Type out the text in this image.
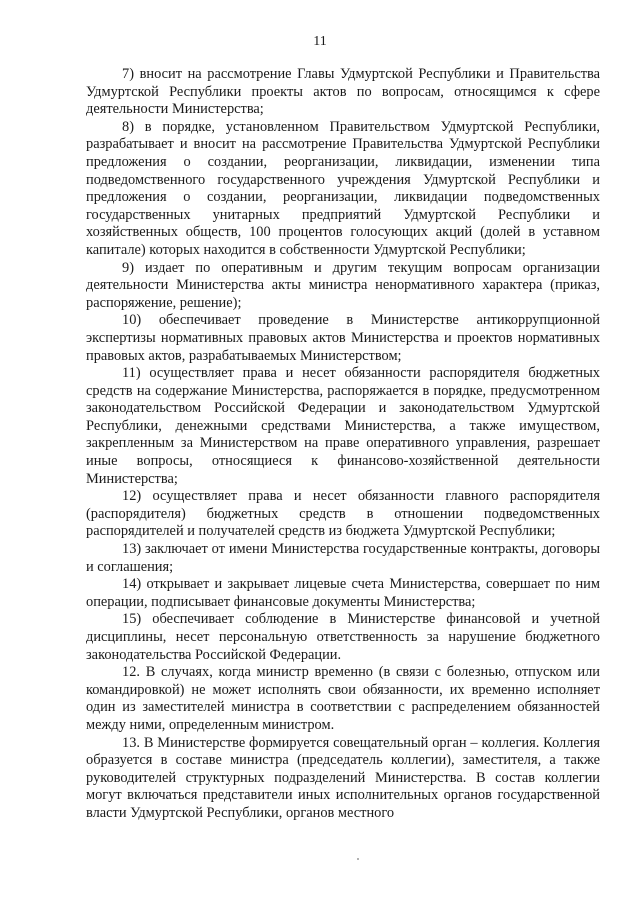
11

7) вносит на рассмотрение Главы Удмуртской Республики и Правительства Удмуртской Республики проекты актов по вопросам, относящимся к сфере деятельности Министерства;

8) в порядке, установленном Правительством Удмуртской Республики, разрабатывает и вносит на рассмотрение Правительства Удмуртской Республики предложения о создании, реорганизации, ликвидации, изменении типа подведомственного государственного учреждения Удмуртской Республики и предложения о создании, реорганизации, ликвидации подведомственных государственных унитарных предприятий Удмуртской Республики и хозяйственных обществ, 100 процентов голосующих акций (долей в уставном капитале) которых находится в собственности Удмуртской Республики;

9) издает по оперативным и другим текущим вопросам организации деятельности Министерства акты министра ненормативного характера (приказ, распоряжение, решение);

10) обеспечивает проведение в Министерстве антикоррупционной экспертизы нормативных правовых актов Министерства и проектов нормативных правовых актов, разрабатываемых Министерством;

11) осуществляет права и несет обязанности распорядителя бюджетных средств на содержание Министерства, распоряжается в порядке, предусмотренном законодательством Российской Федерации и законодательством Удмуртской Республики, денежными средствами Министерства, а также имуществом, закрепленным за Министерством на праве оперативного управления, разрешает иные вопросы, относящиеся к финансово-хозяйственной деятельности Министерства;

12) осуществляет права и несет обязанности главного распорядителя (распорядителя) бюджетных средств в отношении подведомственных распорядителей и получателей средств из бюджета Удмуртской Республики;

13) заключает от имени Министерства государственные контракты, договоры и соглашения;

14) открывает и закрывает лицевые счета Министерства, совершает по ним операции, подписывает финансовые документы Министерства;

15) обеспечивает соблюдение в Министерстве финансовой и учетной дисциплины, несет персональную ответственность за нарушение бюджетного законодательства Российской Федерации.

12. В случаях, когда министр временно (в связи с болезнью, отпуском или командировкой) не может исполнять свои обязанности, их временно исполняет один из заместителей министра в соответствии с распределением обязанностей между ними, определенным министром.

13. В Министерстве формируется совещательный орган – коллегия. Коллегия образуется в составе министра (председатель коллегии), заместителя, а также руководителей структурных подразделений Министерства. В состав коллегии могут включаться представители иных исполнительных органов государственной власти Удмуртской Республики, органов местного
